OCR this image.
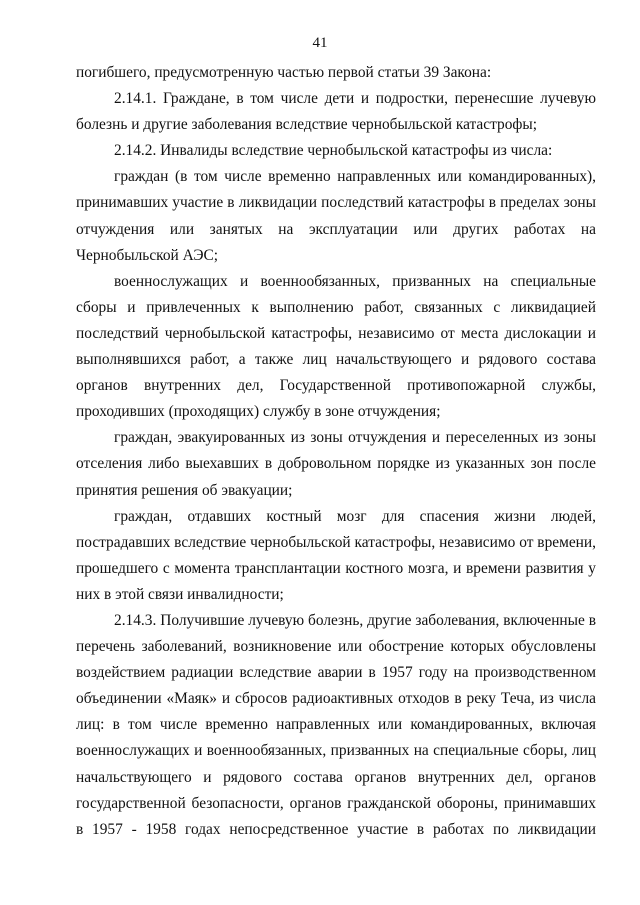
41

погибшего, предусмотренную частью первой статьи 39 Закона:

2.14.1. Граждане, в том числе дети и подростки, перенесшие лучевую болезнь и другие заболевания вследствие чернобыльской катастрофы;

2.14.2. Инвалиды вследствие чернобыльской катастрофы из числа:

граждан (в том числе временно направленных или командированных), принимавших участие в ликвидации последствий катастрофы в пределах зоны отчуждения или занятых на эксплуатации или других работах на Чернобыльской АЭС;

военнослужащих и военнообязанных, призванных на специальные сборы и привлеченных к выполнению работ, связанных с ликвидацией последствий чернобыльской катастрофы, независимо от места дислокации и выполнявшихся работ, а также лиц начальствующего и рядового состава органов внутренних дел, Государственной противопожарной службы, проходивших (проходящих) службу в зоне отчуждения;

граждан, эвакуированных из зоны отчуждения и переселенных из зоны отселения либо выехавших в добровольном порядке из указанных зон после принятия решения об эвакуации;

граждан, отдавших костный мозг для спасения жизни людей, пострадавших вследствие чернобыльской катастрофы, независимо от времени, прошедшего с момента трансплантации костного мозга, и времени развития у них в этой связи инвалидности;

2.14.3. Получившие лучевую болезнь, другие заболевания, включенные в перечень заболеваний, возникновение или обострение которых обусловлены воздействием радиации вследствие аварии в 1957 году на производственном объединении «Маяк» и сбросов радиоактивных отходов в реку Теча, из числа лиц: в том числе временно направленных или командированных, включая военнослужащих и военнообязанных, призванных на специальные сборы, лиц начальствующего и рядового состава органов внутренних дел, органов государственной безопасности, органов гражданской обороны, принимавших в 1957 - 1958 годах непосредственное участие в работах по ликвидации
